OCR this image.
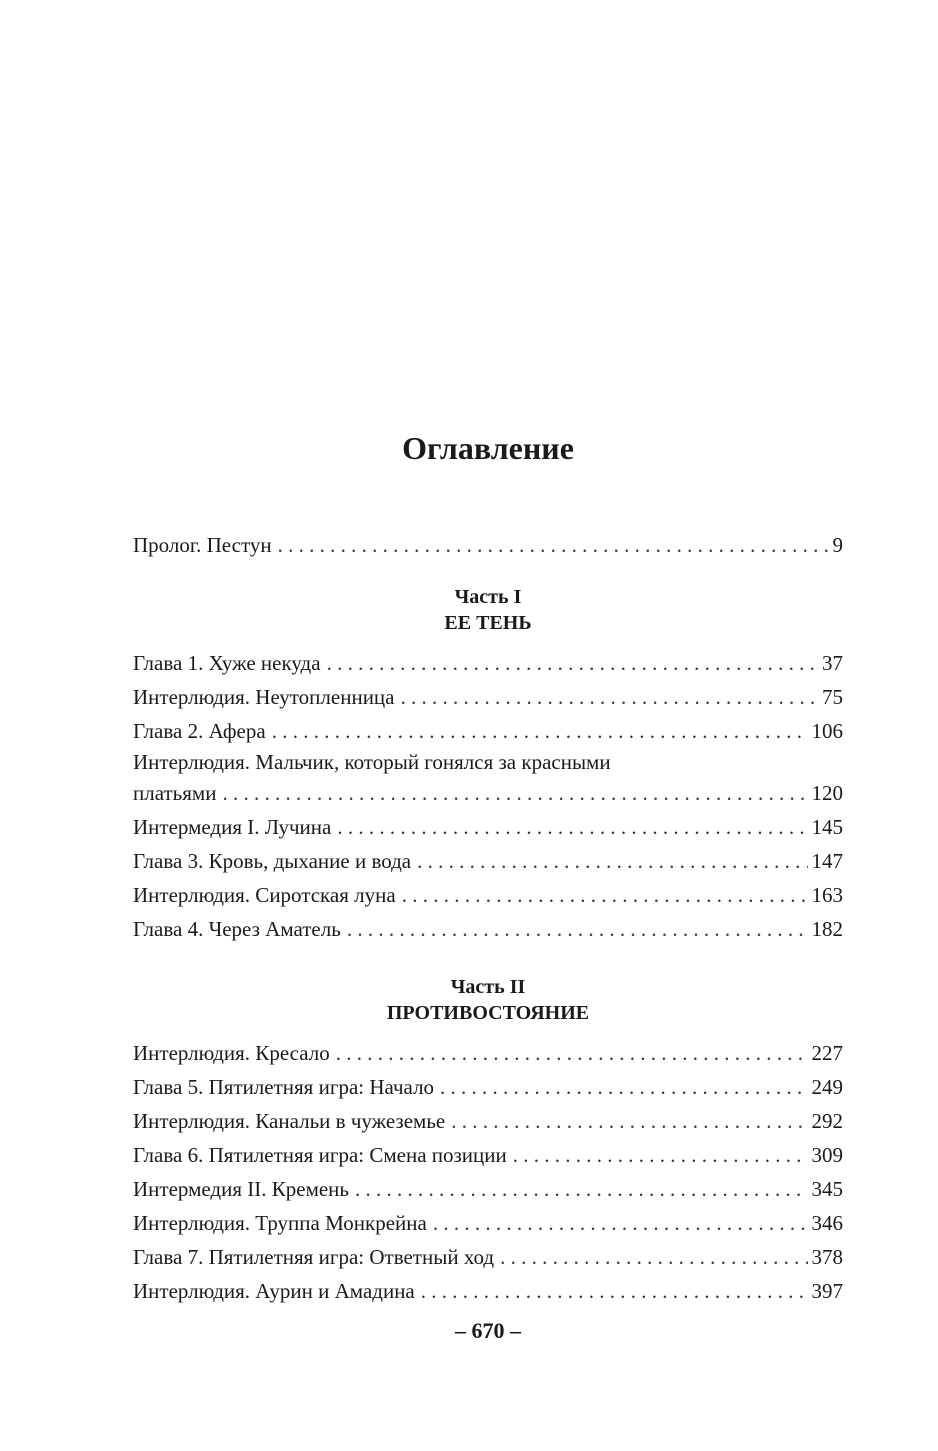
Оглавление
Пролог. Пестун . . .	9
Часть I
ЕЕ ТЕНЬ
Глава 1. Хуже некуда . . .	37
Интерлюдия. Неутопленница . . .	75
Глава 2. Афера . . .	106
Интерлюдия. Мальчик, который гонялся за красными
платьями . . .	120
Интермедия I. Лучина . . .	145
Глава 3. Кровь, дыхание и вода . . .	147
Интерлюдия. Сиротская луна . . .	163
Глава 4. Через Аматель . . .	182
Часть II
ПРОТИВОСТОЯНИЕ
Интерлюдия. Кресало . . .	227
Глава 5. Пятилетняя игра: Начало . . .	249
Интерлюдия. Канальи в чужеземье . . .	292
Глава 6. Пятилетняя игра: Смена позиции . . .	309
Интермедия II. Кремень . . .	345
Интерлюдия. Труппа Монкрейна . . .	346
Глава 7. Пятилетняя игра: Ответный ход . . .	378
Интерлюдия. Аурин и Амадина . . .	397
– 670 –
